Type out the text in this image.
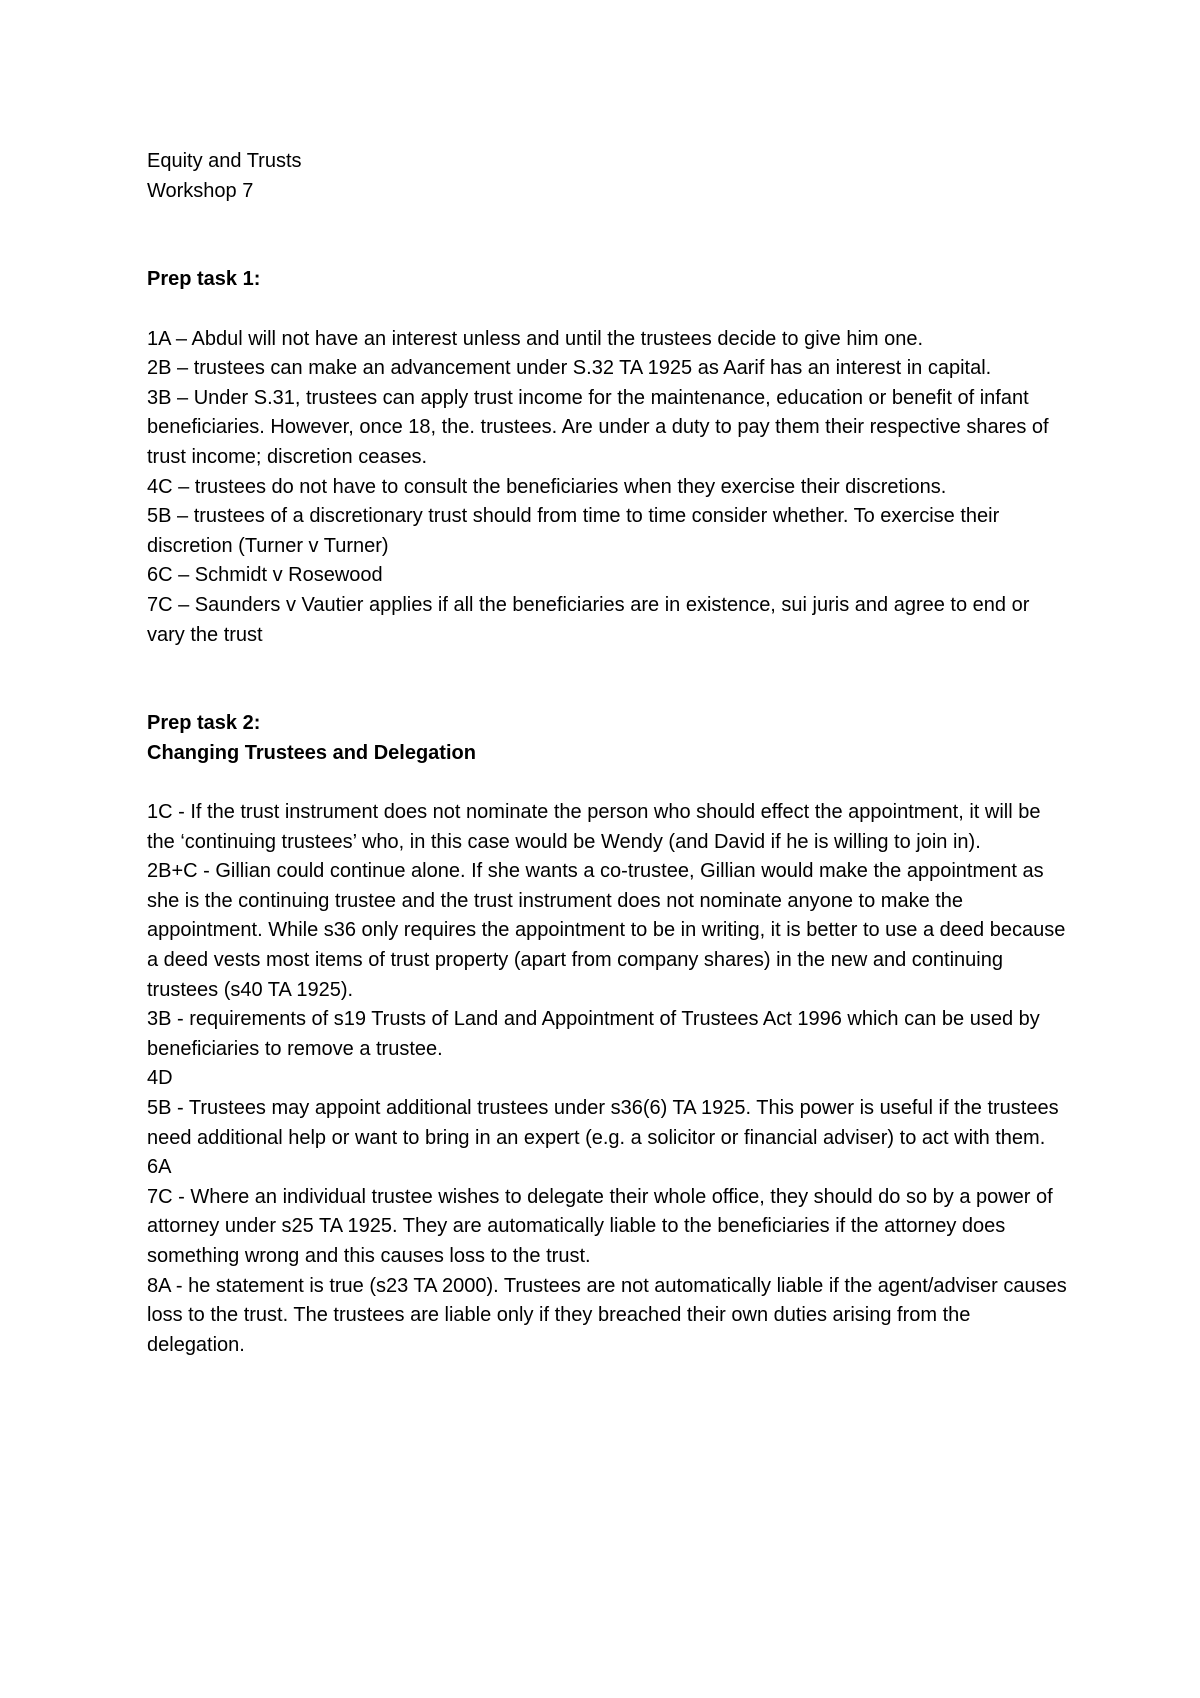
Equity and Trusts
Workshop 7
Prep task 1:
1A – Abdul will not have an interest unless and until the trustees decide to give him one.
2B – trustees can make an advancement under S.32 TA 1925 as Aarif has an interest in capital.
3B – Under S.31, trustees can apply trust income for the maintenance, education or benefit of infant beneficiaries. However, once 18, the. trustees. Are under a duty to pay them their respective shares of trust income; discretion ceases.
4C – trustees do not have to consult the beneficiaries when they exercise their discretions.
5B – trustees of a discretionary trust should from time to time consider whether. To exercise their discretion (Turner v Turner)
6C – Schmidt v Rosewood
7C – Saunders v Vautier applies if all the beneficiaries are in existence, sui juris and agree to end or vary the trust
Prep task 2:
Changing Trustees and Delegation
1C - If the trust instrument does not nominate the person who should effect the appointment, it will be the ‘continuing trustees’ who, in this case would be Wendy (and David if he is willing to join in).
2B+C - Gillian could continue alone. If she wants a co-trustee, Gillian would make the appointment as she is the continuing trustee and the trust instrument does not nominate anyone to make the appointment. While s36 only requires the appointment to be in writing, it is better to use a deed because a deed vests most items of trust property (apart from company shares) in the new and continuing trustees (s40 TA 1925).
3B - requirements of s19 Trusts of Land and Appointment of Trustees Act 1996 which can be used by beneficiaries to remove a trustee.
4D
5B - Trustees may appoint additional trustees under s36(6) TA 1925. This power is useful if the trustees need additional help or want to bring in an expert (e.g. a solicitor or financial adviser) to act with them.
6A
7C - Where an individual trustee wishes to delegate their whole office, they should do so by a power of attorney under s25 TA 1925. They are automatically liable to the beneficiaries if the attorney does something wrong and this causes loss to the trust.
8A - he statement is true (s23 TA 2000). Trustees are not automatically liable if the agent/adviser causes loss to the trust. The trustees are liable only if they breached their own duties arising from the delegation.
